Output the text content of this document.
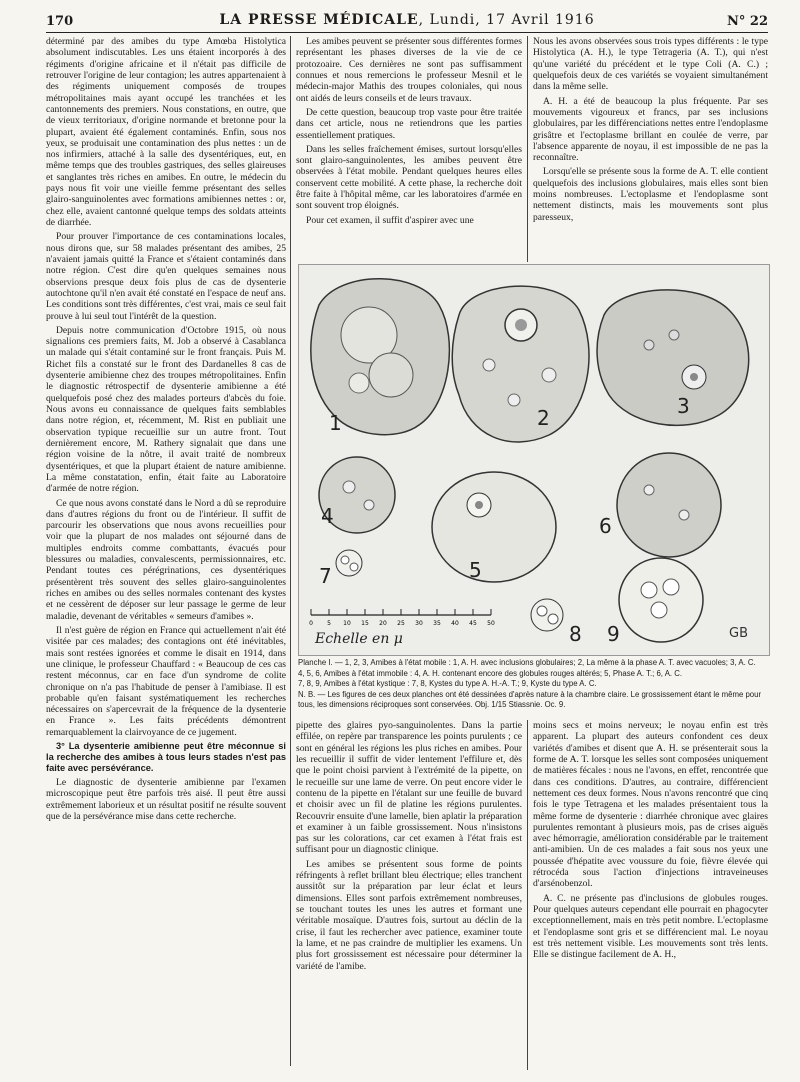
170	LA PRESSE MÉDICALE, Lundi, 17 Avril 1916	N° 22

déterminé par des amibes du type Amœba Histolytica absolument indiscutables. Les uns étaient incorporés à des régiments d'origine africaine et il n'était pas difficile de retrouver l'origine de leur contagion; les autres appartenaient à des régiments uniquement composés de troupes métropolitaines mais ayant occupé les tranchées et les cantonnements des premiers. Nous constations, en outre, que de vieux territoriaux, d'origine normande et bretonne pour la plupart, avaient été également contaminés. Enfin, sous nos yeux, se produisait une contamination des plus nettes : un de nos infirmiers, attaché à la salle des dysentériques, eut, en même temps que des troubles gastriques, des selles glaireuses et sanglantes très riches en amibes. En outre, le médecin du pays nous fit voir une vieille femme présentant des selles glairo-sanguinolentes avec formations amibiennes nettes : or, chez elle, avaient cantonné quelque temps des soldats atteints de diarrhée.

Pour prouver l'importance de ces contaminations locales, nous dirons que, sur 58 malades présentant des amibes, 25 n'avaient jamais quitté la France et s'étaient contaminés dans notre région. C'est dire qu'en quelques semaines nous observions presque deux fois plus de cas de dysenterie autochtone qu'il n'en avait été constaté en l'espace de neuf ans. Les conditions sont très différentes, c'est vrai, mais ce seul fait prouve à lui seul tout l'intérêt de la question.

Depuis notre communication d'Octobre 1915, où nous signalions ces premiers faits, M. Job a observé à Casablanca un malade qui s'était contaminé sur le front français. Puis M. Richet fils a constaté sur le front des Dardanelles 8 cas de dysenterie amibienne chez des troupes métropolitaines. Enfin le diagnostic rétrospectif de dysenterie amibienne a été quelquefois posé chez des malades porteurs d'abcès du foie. Nous avons eu connaissance de quelques faits semblables dans notre région, et, récemment, M. Rist en publiait une observation typique recueillie sur un autre front. Tout dernièrement encore, M. Rathery signalait que dans une région voisine de la nôtre, il avait traité de nombreux dysentériques, et que la plupart étaient de nature amibienne. La même constatation, enfin, était faite au Laboratoire d'armée de notre région.

Ce que nous avons constaté dans le Nord a dû se reproduire dans d'autres régions du front ou de l'intérieur. Il suffit de parcourir les observations que nous avons recueillies pour voir que la plupart de nos malades ont séjourné dans de multiples endroits comme combattants, évacués pour blessures ou maladies, convalescents, permissionnaires, etc. Pendant toutes ces pérégrinations, ces dysentériques présentèrent très souvent des selles glairo-sanguinolentes riches en amibes ou des selles normales contenant des kystes et ne cessèrent de déposer sur leur passage le germe de leur maladie, devenant de véritables « semeurs d'amibes ».

Il n'est guère de région en France qui actuellement n'ait été visitée par ces malades; des contagions ont été inévitables, mais sont restées ignorées et comme le disait en 1914, dans une clinique, le professeur Chauffard : « Beaucoup de ces cas restent méconnus, car en face d'un syndrome de colite chronique on n'a pas l'habitude de penser à l'amibiase. Il est probable qu'en faisant systématiquement les recherches nécessaires on s'apercevrait de la fréquence de la dysenterie en France ». Les faits précédents démontrent remarquablement la clairvoyance de ce jugement.

3° La dysenterie amibienne peut être méconnue si la recherche des amibes à tous leurs stades n'est pas faite avec persévérance.

Le diagnostic de dysenterie amibienne par l'examen microscopique peut être parfois très aisé. Il peut être aussi extrêmement laborieux et un résultat positif ne résulte souvent que de la persévérance mise dans cette recherche.

Les amibes peuvent se présenter sous différentes formes représentant les phases diverses de la vie de ce protozoaire. Ces dernières ne sont pas suffisamment connues et nous remercions le professeur Mesnil et le médecin-major Mathis des troupes coloniales, qui nous ont aidés de leurs conseils et de leurs travaux.

De cette question, beaucoup trop vaste pour être traitée dans cet article, nous ne retiendrons que les parties essentiellement pratiques.

Dans les selles fraîchement émises, surtout lorsqu'elles sont glairo-sanguinolentes, les amibes peuvent être observées à l'état mobile. Pendant quelques heures elles conservent cette mobilité. A cette phase, la recherche doit être faite à l'hôpital même, car les laboratoires d'armée en sont souvent trop éloignés.

Pour cet examen, il suffit d'aspirer avec une

Nous les avons observées sous trois types différents : le type Histolytica (A. H.), le type Tetrageria (A. T.), qui n'est qu'une variété du précédent et le type Coli (A. C.) ; quelquefois deux de ces variétés se voyaient simultanément dans la même selle.

A. H. a été de beaucoup la plus fréquente. Par ses mouvements vigoureux et francs, par ses inclusions globulaires, par les différenciations nettes entre l'endoplasme grisâtre et l'ectoplasme brillant en coulée de verre, par l'absence apparente de noyau, il est impossible de ne pas la reconnaître.

Lorsqu'elle se présente sous la forme de A. T. elle contient quelquefois des inclusions globulaires, mais elles sont bien moins nombreuses. L'ectoplasme et l'endoplasme sont nettement distincts, mais les mouvements sont plus paresseux,

1	2	3
4
5
6
7
0 5 10 15 20 25 30 35 40 45 50
Echelle en μ	8 9	GB

Planche I. — 1, 2, 3, Amibes à l'état mobile : 1, A. H. avec inclusions globulaires; 2, La même à la phase A. T. avec vacuoles; 3, A. C.

4, 5, 6, Amibes à l'état immobile : 4, A. H. contenant encore des globules rouges altérés; 5, Phase A. T.; 6, A. C.

7, 8, 9, Amibes à l'état kystique : 7, 8, Kystes du type A. H.-A. T.; 9, Kyste du type A. C.

N. B. — Les figures de ces deux planches ont été dessinées d'après nature à la chambre claire. Le grossissement étant le même pour tous, les dimensions réciproques sont conservées. Obj. 1/15 Stiassnie. Oc. 9.

pipette des glaires pyo-sanguinolentes. Dans la partie effilée, on repère par transparence les points purulents ; ce sont en général les régions les plus riches en amibes. Pour les recueillir il suffit de vider lentement l'effilure et, dès que le point choisi parvient à l'extrémité de la pipette, on le recueille sur une lame de verre. On peut encore vider le contenu de la pipette en l'étalant sur une feuille de buvard et choisir avec un fil de platine les régions purulentes. Recouvrir ensuite d'une lamelle, bien aplatir la préparation et examiner à un faible grossissement. Nous n'insistons pas sur les colorations, car cet examen à l'état frais est suffisant pour un diagnostic clinique.

Les amibes se présentent sous forme de points réfringents à reflet brillant bleu électrique; elles tranchent aussitôt sur la préparation par leur éclat et leurs dimensions. Elles sont parfois extrêmement nombreuses, se touchant toutes les unes les autres et formant une véritable mosaïque. D'autres fois, surtout au déclin de la crise, il faut les rechercher avec patience, examiner toute la lame, et ne pas craindre de multiplier les examens. Un plus fort grossissement est nécessaire pour déterminer la variété de l'amibe.

moins secs et moins nerveux; le noyau enfin est très apparent. La plupart des auteurs confondent ces deux variétés d'amibes et disent que A. H. se présenterait sous la forme de A. T. lorsque les selles sont composées uniquement de matières fécales : nous ne l'avons, en effet, rencontrée que dans ces conditions. D'autres, au contraire, différencient nettement ces deux formes. Nous n'avons rencontré que cinq fois le type Tetragena et les malades présentaient tous la même forme de dysenterie : diarrhée chronique avec glaires purulentes remontant à plusieurs mois, pas de crises aiguës avec hémorragie, amélioration considérable par le traitement anti-amibien. Un de ces malades a fait sous nos yeux une poussée d'hépatite avec voussure du foie, fièvre élevée qui rétrocéda sous l'action d'injections intraveineuses d'arsénobenzol.

A. C. ne présente pas d'inclusions de globules rouges. Pour quelques auteurs cependant elle pourrait en phagocyter exceptionnellement, mais en très petit nombre. L'ectoplasme et l'endoplasme sont gris et se différencient mal. Le noyau est très nettement visible. Les mouvements sont très lents. Elle se distingue facilement de A. H.,
